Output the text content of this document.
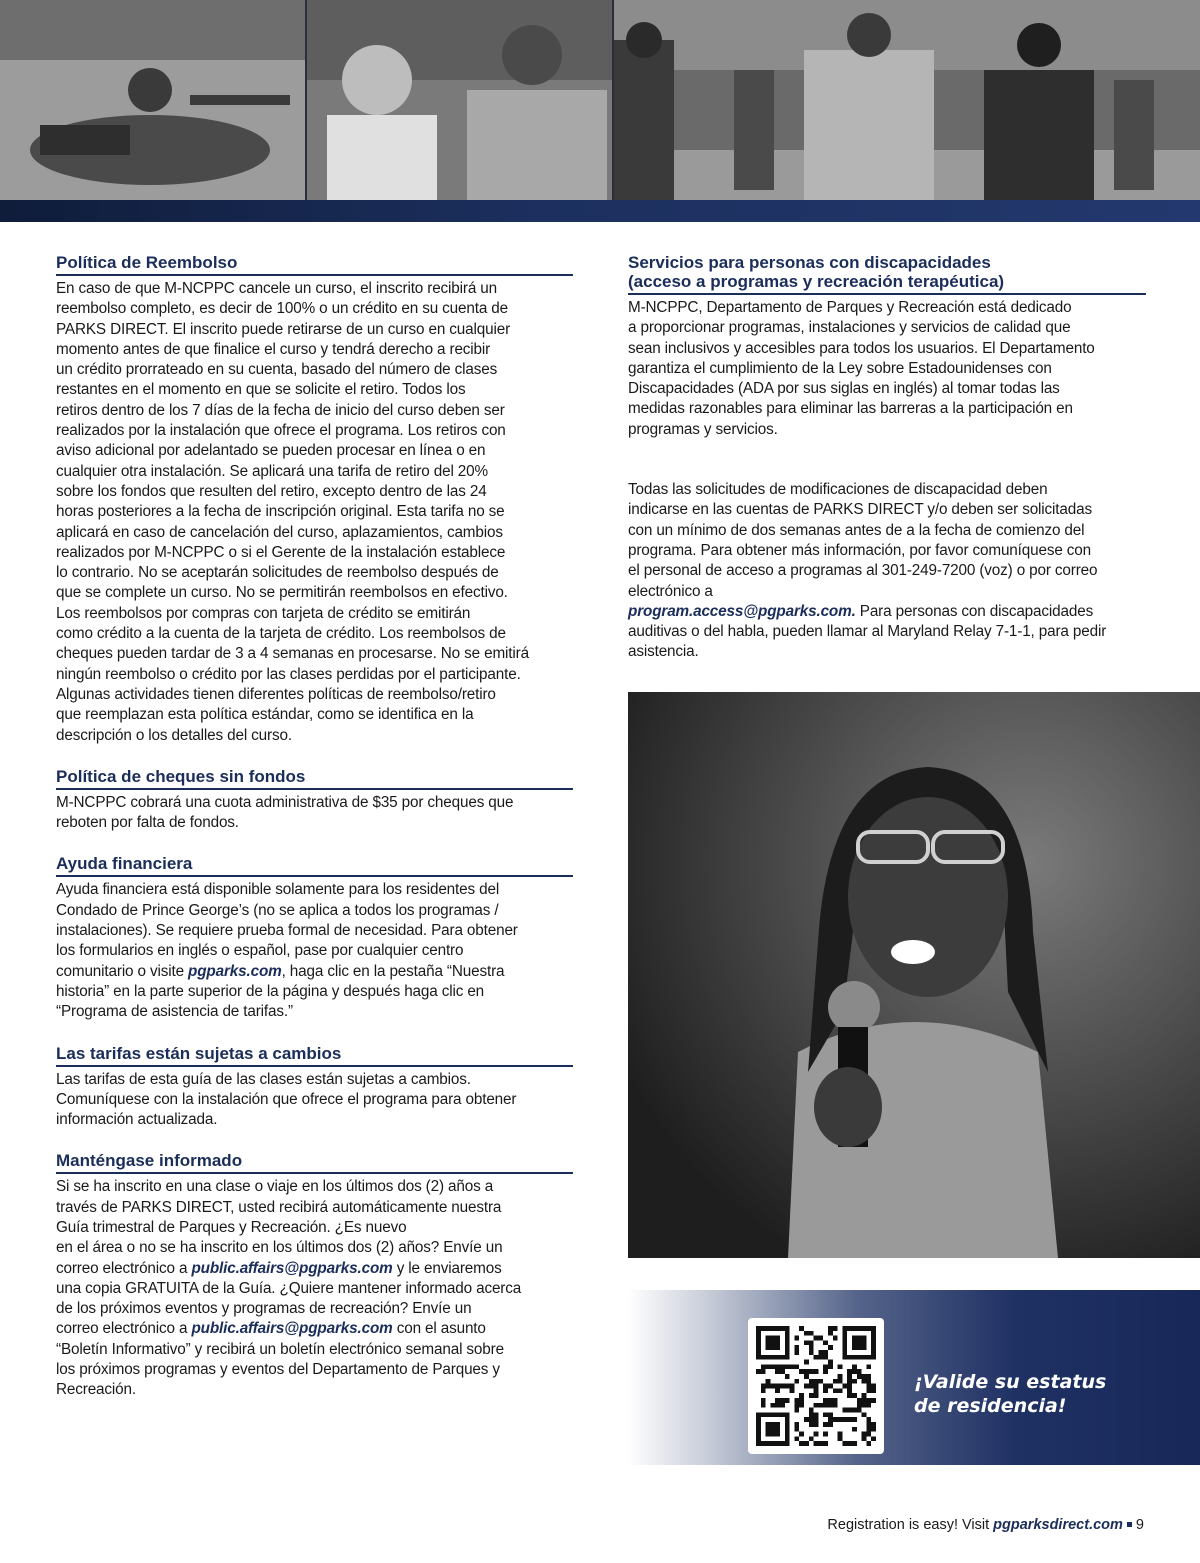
Política de Reembolso

En caso de que M-NCPPC cancele un curso, el inscrito recibirá un
reembolso completo, es decir de 100% o un crédito en su cuenta de
PARKS DIRECT. El inscrito puede retirarse de un curso en cualquier
momento antes de que finalice el curso y tendrá derecho a recibir
un crédito prorrateado en su cuenta, basado del número de clases
restantes en el momento en que se solicite el retiro. Todos los
retiros dentro de los 7 días de la fecha de inicio del curso deben ser
realizados por la instalación que ofrece el programa. Los retiros con
aviso adicional por adelantado se pueden procesar en línea o en
cualquier otra instalación. Se aplicará una tarifa de retiro del 20%
sobre los fondos que resulten del retiro, excepto dentro de las 24
horas posteriores a la fecha de inscripción original. Esta tarifa no se
aplicará en caso de cancelación del curso, aplazamientos, cambios
realizados por M-NCPPC o si el Gerente de la instalación establece
lo contrario. No se aceptarán solicitudes de reembolso después de
que se complete un curso. No se permitirán reembolsos en efectivo.
Los reembolsos por compras con tarjeta de crédito se emitirán
como crédito a la cuenta de la tarjeta de crédito. Los reembolsos de
cheques pueden tardar de 3 a 4 semanas en procesarse. No se emitirá
ningún reembolso o crédito por las clases perdidas por el participante.
Algunas actividades tienen diferentes políticas de reembolso/retiro
que reemplazan esta política estándar, como se identifica en la
descripción o los detalles del curso.

Política de cheques sin fondos

M-NCPPC cobrará una cuota administrativa de $35 por cheques que
reboten por falta de fondos.

Ayuda financiera

Ayuda financiera está disponible solamente para los residentes del
Condado de Prince George’s (no se aplica a todos los programas /
instalaciones). Se requiere prueba formal de necesidad. Para obtener
los formularios en inglés o español, pase por cualquier centro
comunitario o visite pgparks.com, haga clic en la pestaña “Nuestra
historia” en la parte superior de la página y después haga clic en
“Programa de asistencia de tarifas.”

Las tarifas están sujetas a cambios

Las tarifas de esta guía de las clases están sujetas a cambios.
Comuníquese con la instalación que ofrece el programa para obtener
información actualizada.

Manténgase informado

Si se ha inscrito en una clase o viaje en los últimos dos (2) años a
través de PARKS DIRECT, usted recibirá automáticamente nuestra
Guía trimestral de Parques y Recreación. ¿Es nuevo
en el área o no se ha inscrito en los últimos dos (2) años? Envíe un
correo electrónico a public.affairs@pgparks.com y le enviaremos
una copia GRATUITA de la Guía. ¿Quiere mantener informado acerca
de los próximos eventos y programas de recreación? Envíe un
correo electrónico a public.affairs@pgparks.com con el asunto
“Boletín Informativo” y recibirá un boletín electrónico semanal sobre
los próximos programas y eventos del Departamento de Parques y
Recreación.

Servicios para personas con discapacidades
(acceso a programas y recreación terapéutica)

M-NCPPC, Departamento de Parques y Recreación está dedicado
a proporcionar programas, instalaciones y servicios de calidad que
sean inclusivos y accesibles para todos los usuarios. El Departamento
garantiza el cumplimiento de la Ley sobre Estadounidenses con
Discapacidades (ADA por sus siglas en inglés) al tomar todas las
medidas razonables para eliminar las barreras a la participación en
programas y servicios.

Todas las solicitudes de modificaciones de discapacidad deben
indicarse en las cuentas de PARKS DIRECT y/o deben ser solicitadas
con un mínimo de dos semanas antes de a la fecha de comienzo del
programa. Para obtener más información, por favor comuníquese con
el personal de acceso a programas al 301-249-7200 (voz) o por correo
electrónico a
program.access@pgparks.com. Para personas con discapacidades
auditivas o del habla, pueden llamar al Maryland Relay 7-1-1, para pedir
asistencia.

¡Valide su estatus
de residencia!
Registration is easy! Visit pgparksdirect.com 9
